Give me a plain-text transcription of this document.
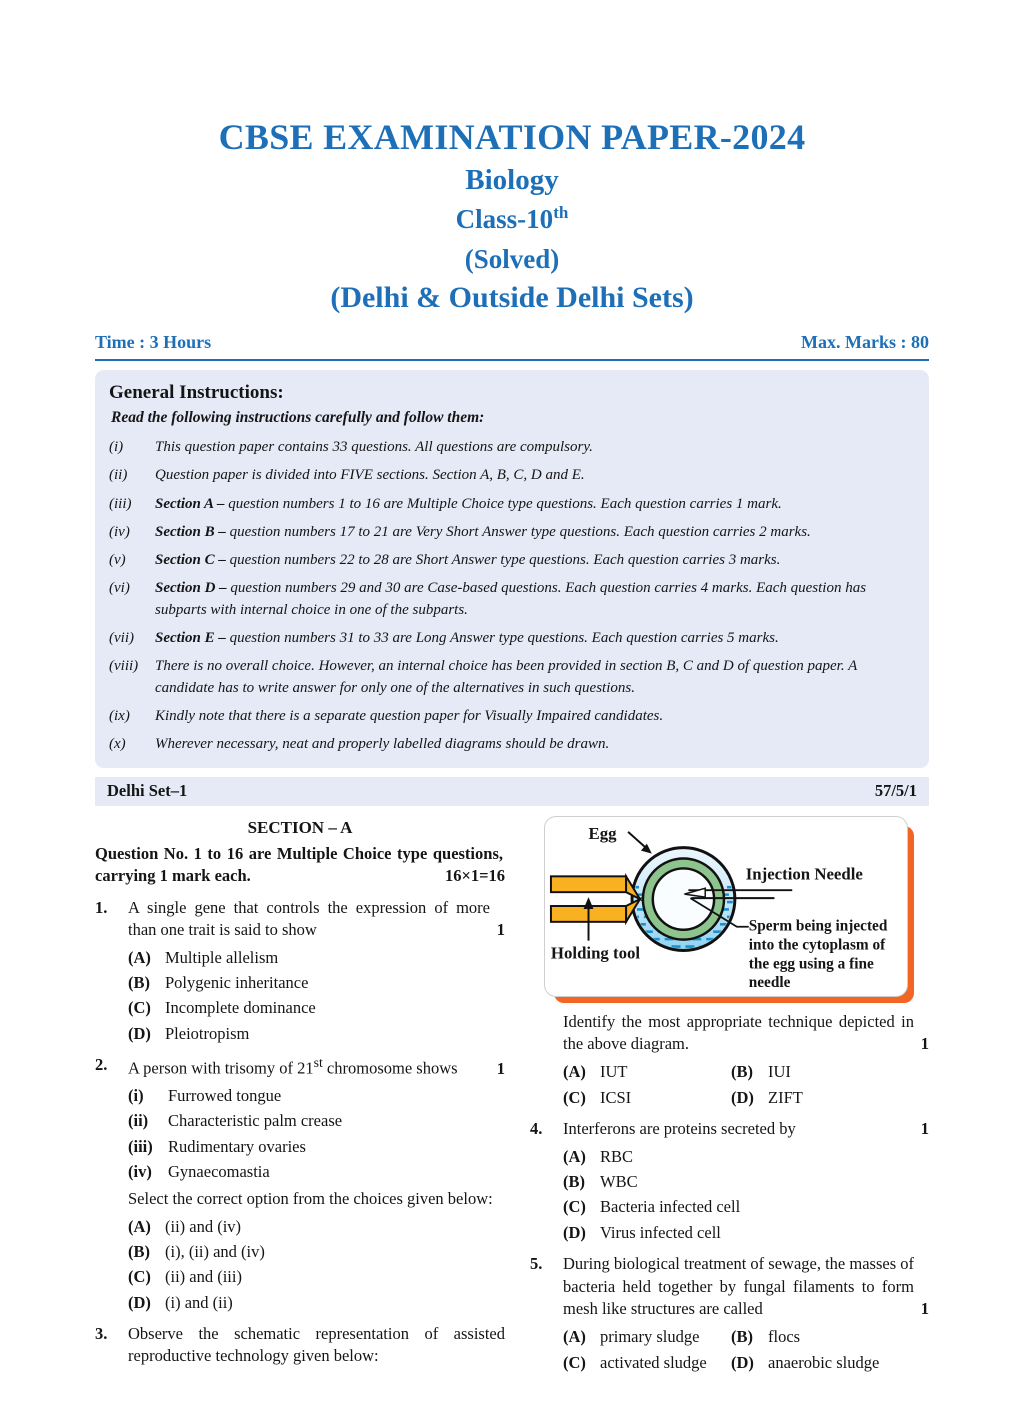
CBSE EXAMINATION PAPER-2024
Biology
Class-10th
(Solved)
(Delhi & Outside Delhi Sets)
Time : 3 Hours	Max. Marks : 80
General Instructions:
Read the following instructions carefully and follow them:
(i)	This question paper contains 33 questions. All questions are compulsory.
(ii)	Question paper is divided into FIVE sections. Section A, B, C, D and E.
(iii)	Section A – question numbers 1 to 16 are Multiple Choice type questions. Each question carries 1 mark.
(iv)	Section B – question numbers 17 to 21 are Very Short Answer type questions. Each question carries 2 marks.
(v)	Section C – question numbers 22 to 28 are Short Answer type questions. Each question carries 3 marks.
(vi)	Section D – question numbers 29 and 30 are Case-based questions. Each question carries 4 marks. Each question has subparts with internal choice in one of the subparts.
(vii)	Section E – question numbers 31 to 33 are Long Answer type questions. Each question carries 5 marks.
(viii)	There is no overall choice. However, an internal choice has been provided in section B, C and D of question paper. A candidate has to write answer for only one of the alternatives in such questions.
(ix)	Kindly note that there is a separate question paper for Visually Impaired candidates.
(x)	Wherever necessary, neat and properly labelled diagrams should be drawn.
Delhi Set–1	57/5/1
SECTION – A
Question No. 1 to 16 are Multiple Choice type questions, carrying 1 mark each.	16×1=16
1.	A single gene that controls the expression of more than one trait is said to show	1
(A) Multiple allelism
(B) Polygenic inheritance
(C) Incomplete dominance
(D) Pleiotropism
2.	A person with trisomy of 21st chromosome shows 1
(i)	Furrowed tongue
(ii)	Characteristic palm crease
(iii) Rudimentary ovaries
(iv) Gynaecomastia
Select the correct option from the choices given below:
(A) (ii) and (iv)
(B) (i), (ii) and (iv)
(C) (ii) and (iii)
(D) (i) and (ii)
3.	Observe the schematic representation of assisted reproductive technology given below:
Egg
Injection Needle
Sperm being injected
into the cytoplasm of
the egg using a fine
needle
Holding tool
Identify the most appropriate technique depicted in the above diagram.	1
(A) IUT	(B) IUI
(C) ICSI	(D) ZIFT
4.	Interferons are proteins secreted by	1
(A) RBC
(B) WBC
(C) Bacteria infected cell
(D) Virus infected cell
5.	During biological treatment of sewage, the masses of bacteria held together by fungal filaments to form mesh like structures are called	1
(A) primary sludge	(B) flocs
(C) activated sludge	(D) anaerobic sludge
